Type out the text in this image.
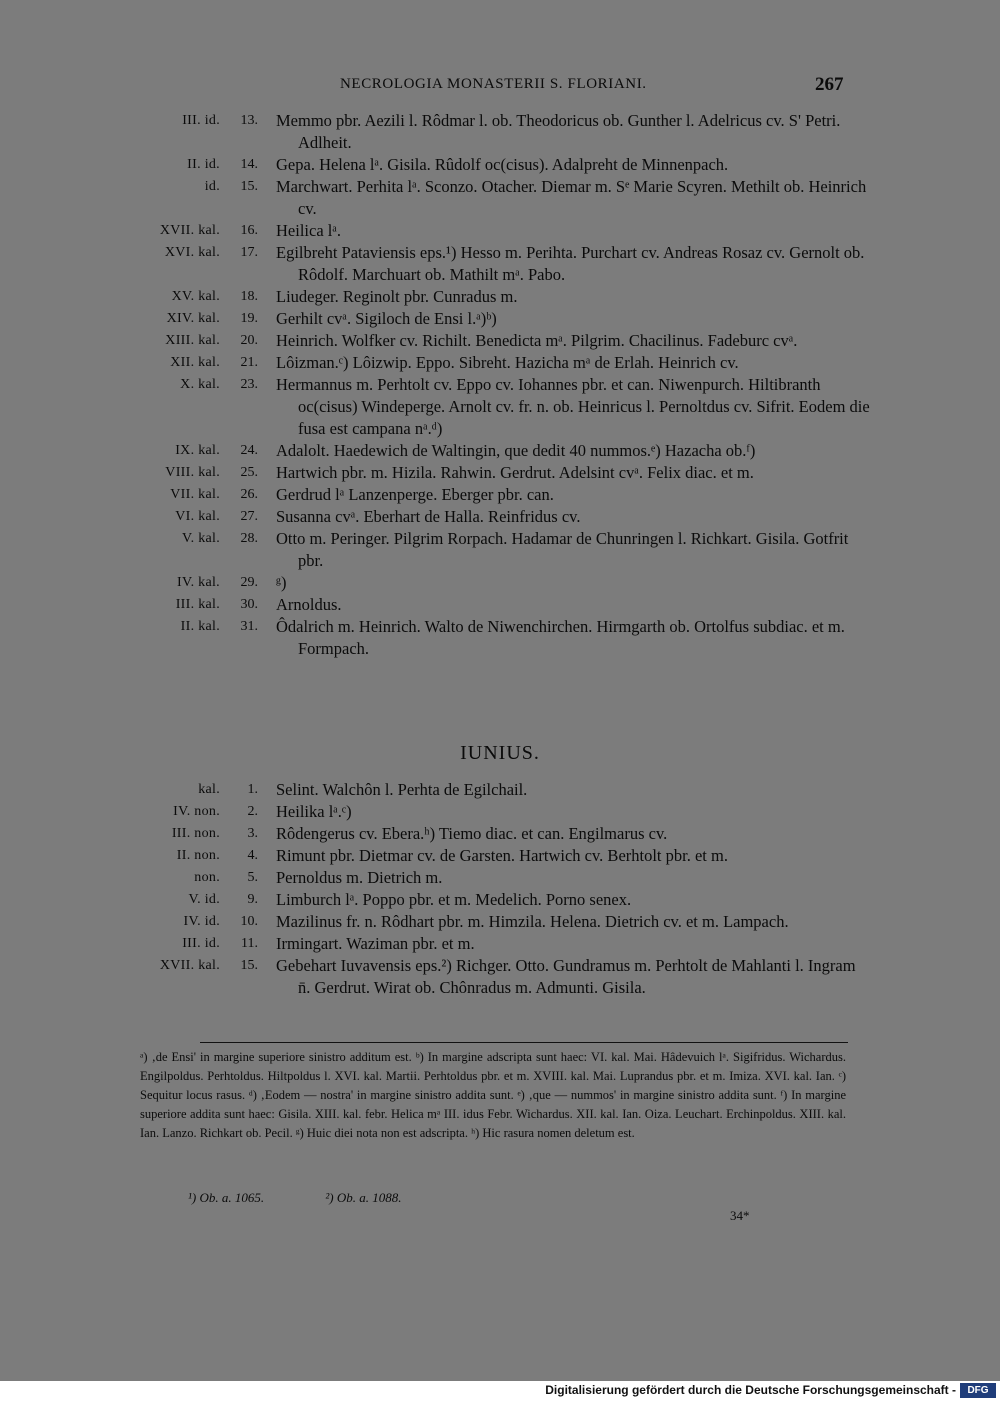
NECROLOGIA MONASTERII S. FLORIANI.	267
III. id.	13. Memmo pbr. Aezili l. Rôdmar l. ob. Theodoricus ob. Gunther l. Adelricus cv. S' Petri. Adlheit.
II. id.	14. Gepa. Helena lᵃ. Gisila. Rûdolf oc(cisus). Adalpreht de Minnenpach.
id.	15. Marchwart. Perhita lᵃ. Sconzo. Otacher. Diemar m. Sᵉ Marie Scyren. Methilt ob. Heinrich cv.
XVII. kal.	16. Heilica lᵃ.
XVI. kal.	17. Egilbreht Pataviensis eps.¹) Hesso m. Perihta. Purchart cv. Andreas Rosaz cv. Gernolt ob. Rôdolf. Marchuart ob. Mathilt mᵃ. Pabo.
XV. kal.	18. Liudeger. Reginolt pbr. Cunradus m.
XIV. kal.	19. Gerhilt cvᵃ. Sigiloch de Ensi l.ᵃ)ᵇ)
XIII. kal.	20. Heinrich. Wolfker cv. Richilt. Benedicta mᵃ. Pilgrim. Chacilinus. Fadeburc cvᵃ.
XII. kal.	21. Lôizman.ᶜ) Lôizwip. Eppo. Sibreht. Hazicha mᵃ de Erlah. Heinrich cv.
X. kal.	23. Hermannus m. Perhtolt cv. Eppo cv. Iohannes pbr. et can. Niwenpurch. Hiltibranth oc(cisus) Windeperge. Arnolt cv. fr. n. ob. Heinricus l. Pernoltdus cv. Sifrit. Eodem die fusa est campana nᵃ.ᵈ)
IX. kal.	24. Adalolt. Haedewich de Waltingin, que dedit 40 nummos.ᵉ) Hazacha ob.ᶠ)
VIII. kal.	25. Hartwich pbr. m. Hizila. Rahwin. Gerdrut. Adelsint cvᵃ. Felix diac. et m.
VII. kal.	26. Gerdrud lᵃ Lanzenperge. Eberger pbr. can.
VI. kal.	27. Susanna cvᵃ. Eberhart de Halla. Reinfridus cv.
V. kal.	28. Otto m. Peringer. Pilgrim Rorpach. Hadamar de Chunringen l. Richkart. Gisila. Gotfrit pbr.
IV. kal.	29. ᵍ)
III. kal.	30. Arnoldus.
II. kal.	31. Ôdalrich m. Heinrich. Walto de Niwenchirchen. Hirmgarth ob. Ortolfus subdiac. et m. Formpach.
IUNIUS.
kal.	1. Selint. Walchôn l. Perhta de Egilchail.
IV. non.	2. Heilika lᵃ.ᶜ)
III. non.	3. Rôdengerus cv. Ebera.ʰ) Tiemo diac. et can. Engilmarus cv.
II. non.	4. Rimunt pbr. Dietmar cv. de Garsten. Hartwich cv. Berhtolt pbr. et m.
non.	5. Pernoldus m. Dietrich m.
V. id.	9. Limburch lᵃ. Poppo pbr. et m. Medelich. Porno senex.
IV. id.	10. Mazilinus fr. n. Rôdhart pbr. m. Himzila. Helena. Dietrich cv. et m. Lampach.
III. id.	11. Irmingart. Waziman pbr. et m.
XVII. kal.	15. Gebehart Iuvavensis eps.²) Richger. Otto. Gundramus m. Perhtolt de Mahlanti l. Ingram n̄. Gerdrut. Wirat ob. Chônradus m. Admunti. Gisila.
ᵃ) ‚de Ensi' in margine superiore sinistro additum est. ᵇ) In margine adscripta sunt haec: VI. kal. Mai. Hâdevuich lᵃ. Sigifridus. Wichardus. Engilpoldus. Perhtoldus. Hiltpoldus l. XVI. kal. Martii. Perhtoldus pbr. et m. XVIII. kal. Mai. Luprandus pbr. et m. Imiza. XVI. kal. Ian. ᶜ) Sequitur locus rasus. ᵈ) ‚Eodem — nostra' in margine sinistro addita sunt. ᵉ) ‚que — nummos' in margine sinistro addita sunt. ᶠ) In margine superiore addita sunt haec: Gisila. XIII. kal. febr. Helica mᵃ III. idus Febr. Wichardus. XII. kal. Ian. Oiza. Leuchart. Erchinpoldus. XIII. kal. Ian. Lanzo. Richkart ob. Pecil. ᵍ) Huic diei nota non est adscripta. ʰ) Hic rasura nomen deletum est.
¹) Ob. a. 1065.	²) Ob. a. 1088.
34*
Digitalisierung gefördert durch die Deutsche Forschungsgemeinschaft -	DFG
